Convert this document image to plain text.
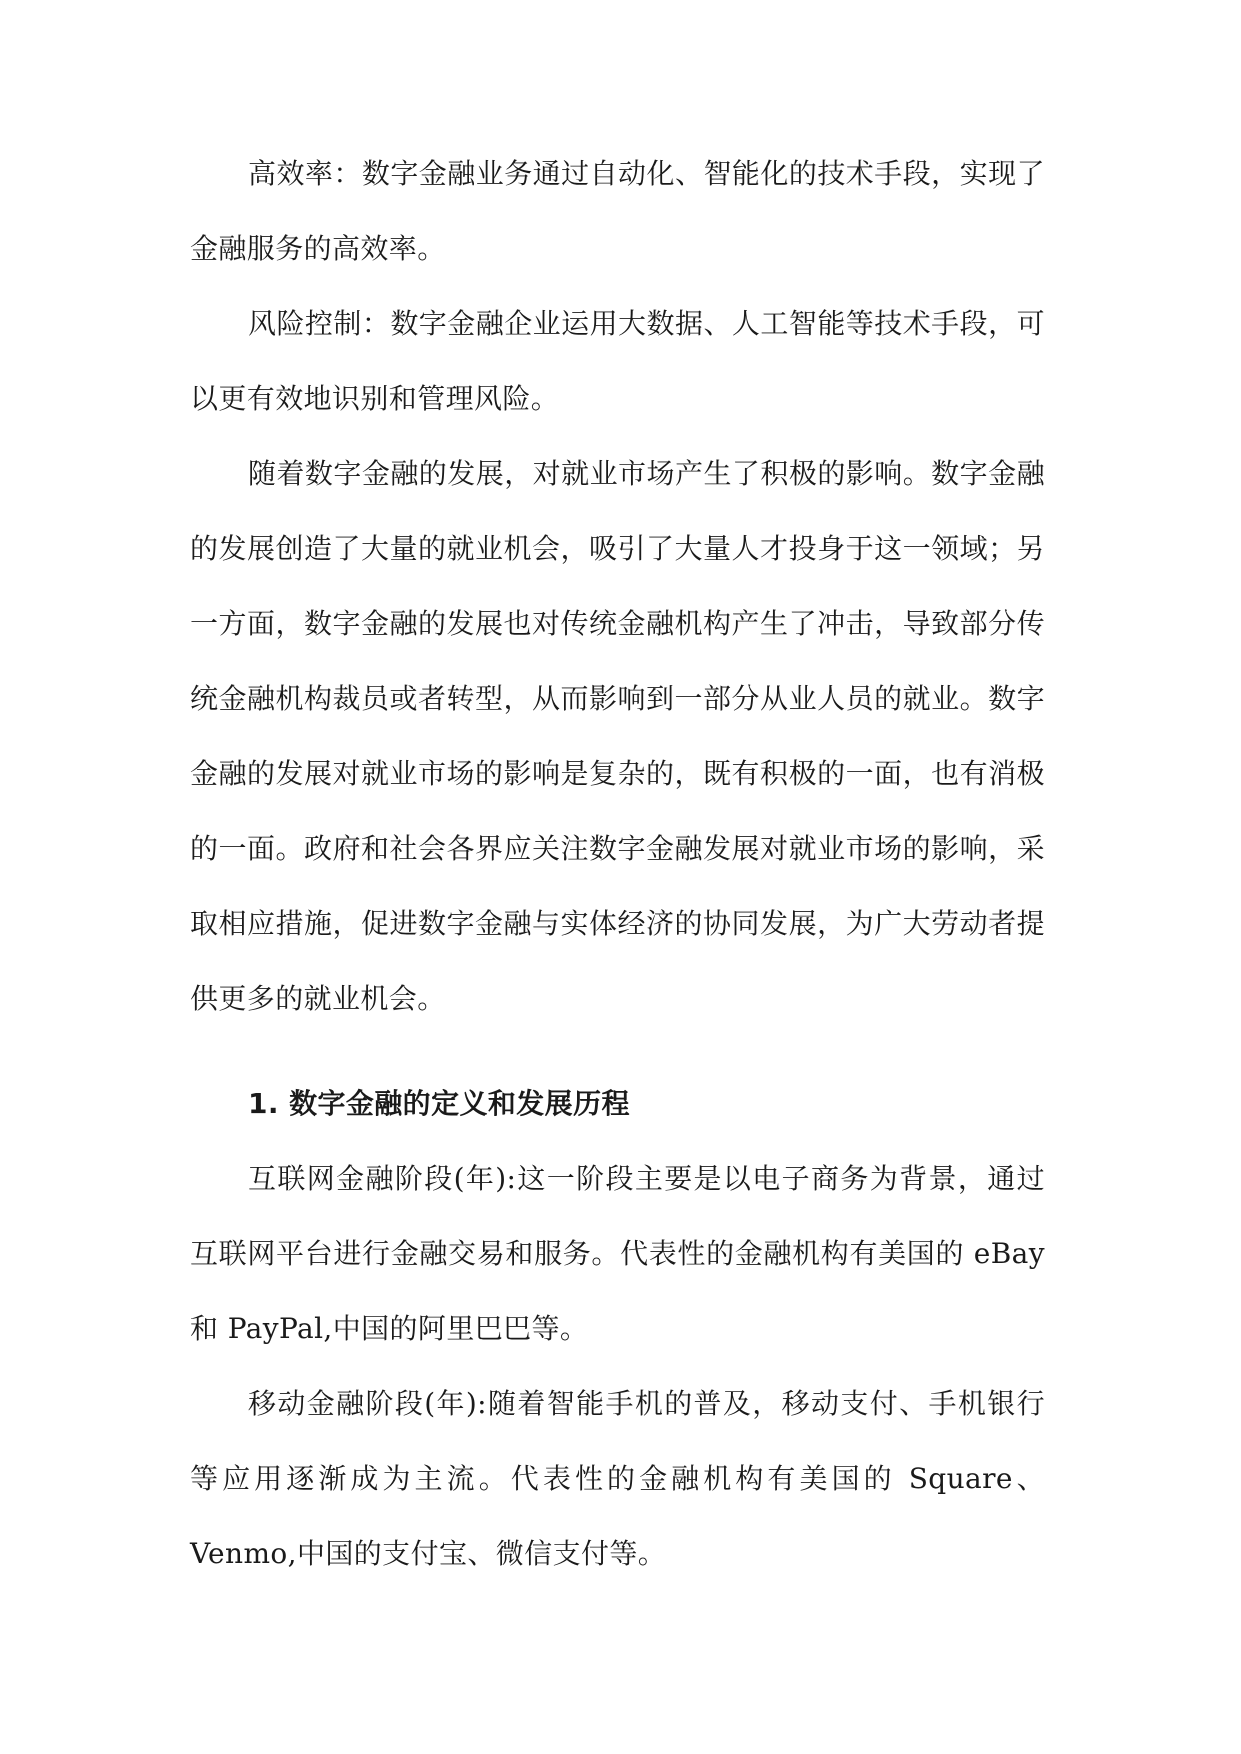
高效率：数字金融业务通过自动化、智能化的技术手段，实现了金融服务的高效率。

风险控制：数字金融企业运用大数据、人工智能等技术手段，可以更有效地识别和管理风险。

随着数字金融的发展，对就业市场产生了积极的影响。数字金融的发展创造了大量的就业机会，吸引了大量人才投身于这一领域；另一方面，数字金融的发展也对传统金融机构产生了冲击，导致部分传统金融机构裁员或者转型，从而影响到一部分从业人员的就业。数字金融的发展对就业市场的影响是复杂的，既有积极的一面，也有消极的一面。政府和社会各界应关注数字金融发展对就业市场的影响，采取相应措施，促进数字金融与实体经济的协同发展，为广大劳动者提供更多的就业机会。

1. 数字金融的定义和发展历程

互联网金融阶段(年):这一阶段主要是以电子商务为背景，通过互联网平台进行金融交易和服务。代表性的金融机构有美国的 eBay 和 PayPal,中国的阿里巴巴等。

移动金融阶段(年):随着智能手机的普及，移动支付、手机银行等应用逐渐成为主流。代表性的金融机构有美国的 Square、Venmo,中国的支付宝、微信支付等。
